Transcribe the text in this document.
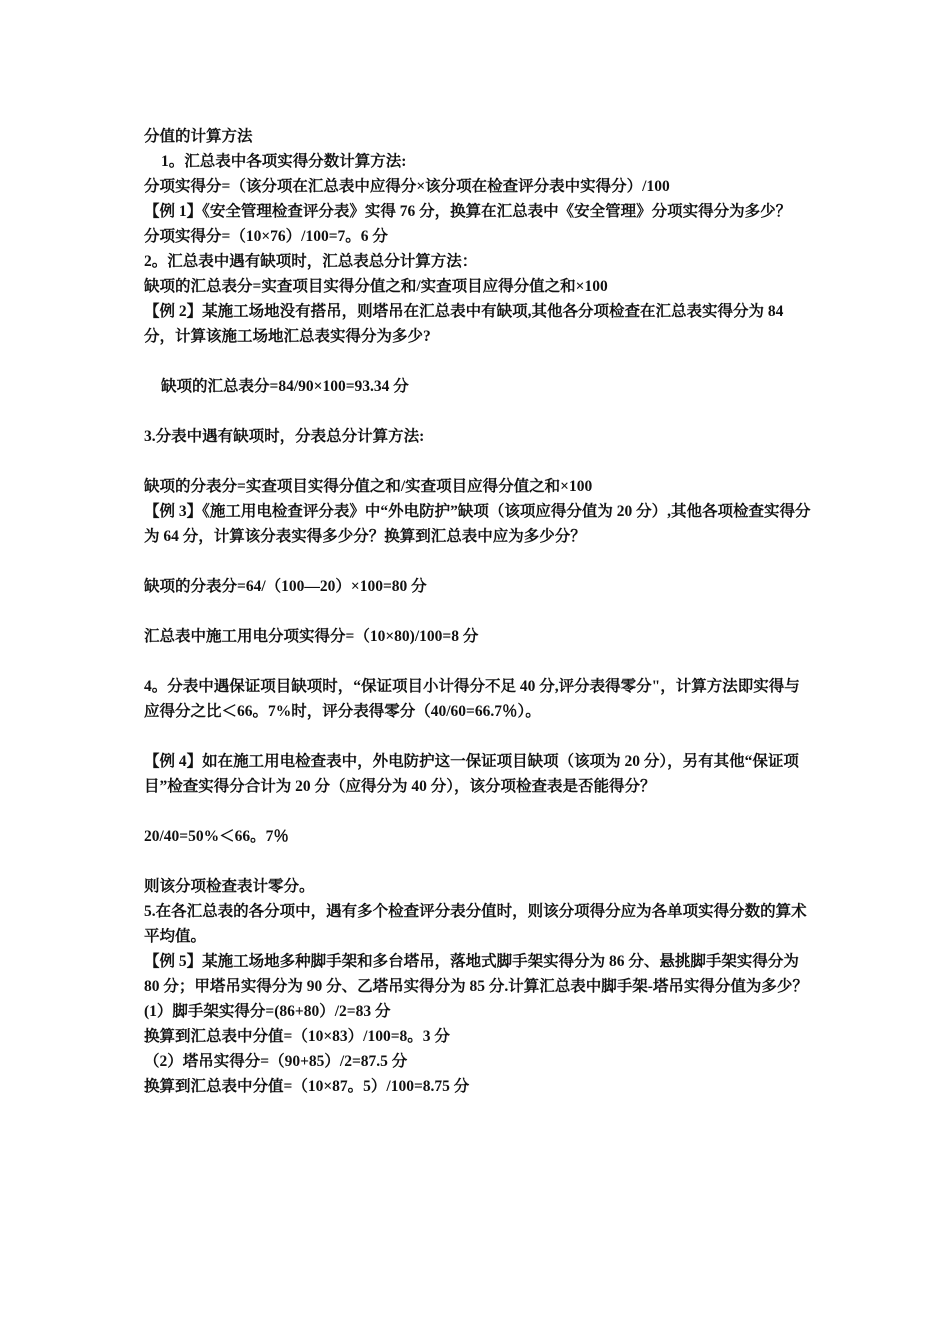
分值的计算方法
1。汇总表中各项实得分数计算方法:
分项实得分=（该分项在汇总表中应得分×该分项在检查评分表中实得分）/100
【例 1】《安全管理检查评分表》实得 76 分，换算在汇总表中《安全管理》分项实得分为多少？
分项实得分=（10×76）/100=7。6 分
2。汇总表中遇有缺项时，汇总表总分计算方法：
缺项的汇总表分=实查项目实得分值之和/实查项目应得分值之和×100
【例 2】某施工场地没有搭吊，则塔吊在汇总表中有缺项,其他各分项检查在汇总表实得分为 84 分，计算该施工场地汇总表实得分为多少?
缺项的汇总表分=84/90×100=93.34 分
3.分表中遇有缺项时，分表总分计算方法:
缺项的分表分=实查项目实得分值之和/实查项目应得分值之和×100
【例 3】《施工用电检查评分表》中“外电防护”缺项（该项应得分值为 20 分）,其他各项检查实得分为 64 分，计算该分表实得多少分？换算到汇总表中应为多少分？
缺项的分表分=64/（100—20）×100=80 分
汇总表中施工用电分项实得分=（10×80)/100=8 分
4。分表中遇保证项目缺项时，“保证项目小计得分不足 40 分,评分表得零分"，计算方法即实得与应得分之比＜66。7%时，评分表得零分（40/60=66.7％）。
【例 4】如在施工用电检查表中，外电防护这一保证项目缺项（该项为 20 分），另有其他“保证项目”检查实得分合计为 20 分（应得分为 40 分），该分项检查表是否能得分？
20/40=50%＜66。7％
则该分项检查表计零分。
5.在各汇总表的各分项中，遇有多个检查评分表分值时，则该分项得分应为各单项实得分数的算术平均值。
【例 5】某施工场地多种脚手架和多台塔吊，落地式脚手架实得分为 86 分、悬挑脚手架实得分为 80 分；甲塔吊实得分为 90 分、乙塔吊实得分为 85 分.计算汇总表中脚手架-塔吊实得分值为多少？
(1）脚手架实得分=(86+80）/2=83 分
换算到汇总表中分值=（10×83）/100=8。3 分
（2）塔吊实得分=（90+85）/2=87.5 分
换算到汇总表中分值=（10×87。5）/100=8.75 分
